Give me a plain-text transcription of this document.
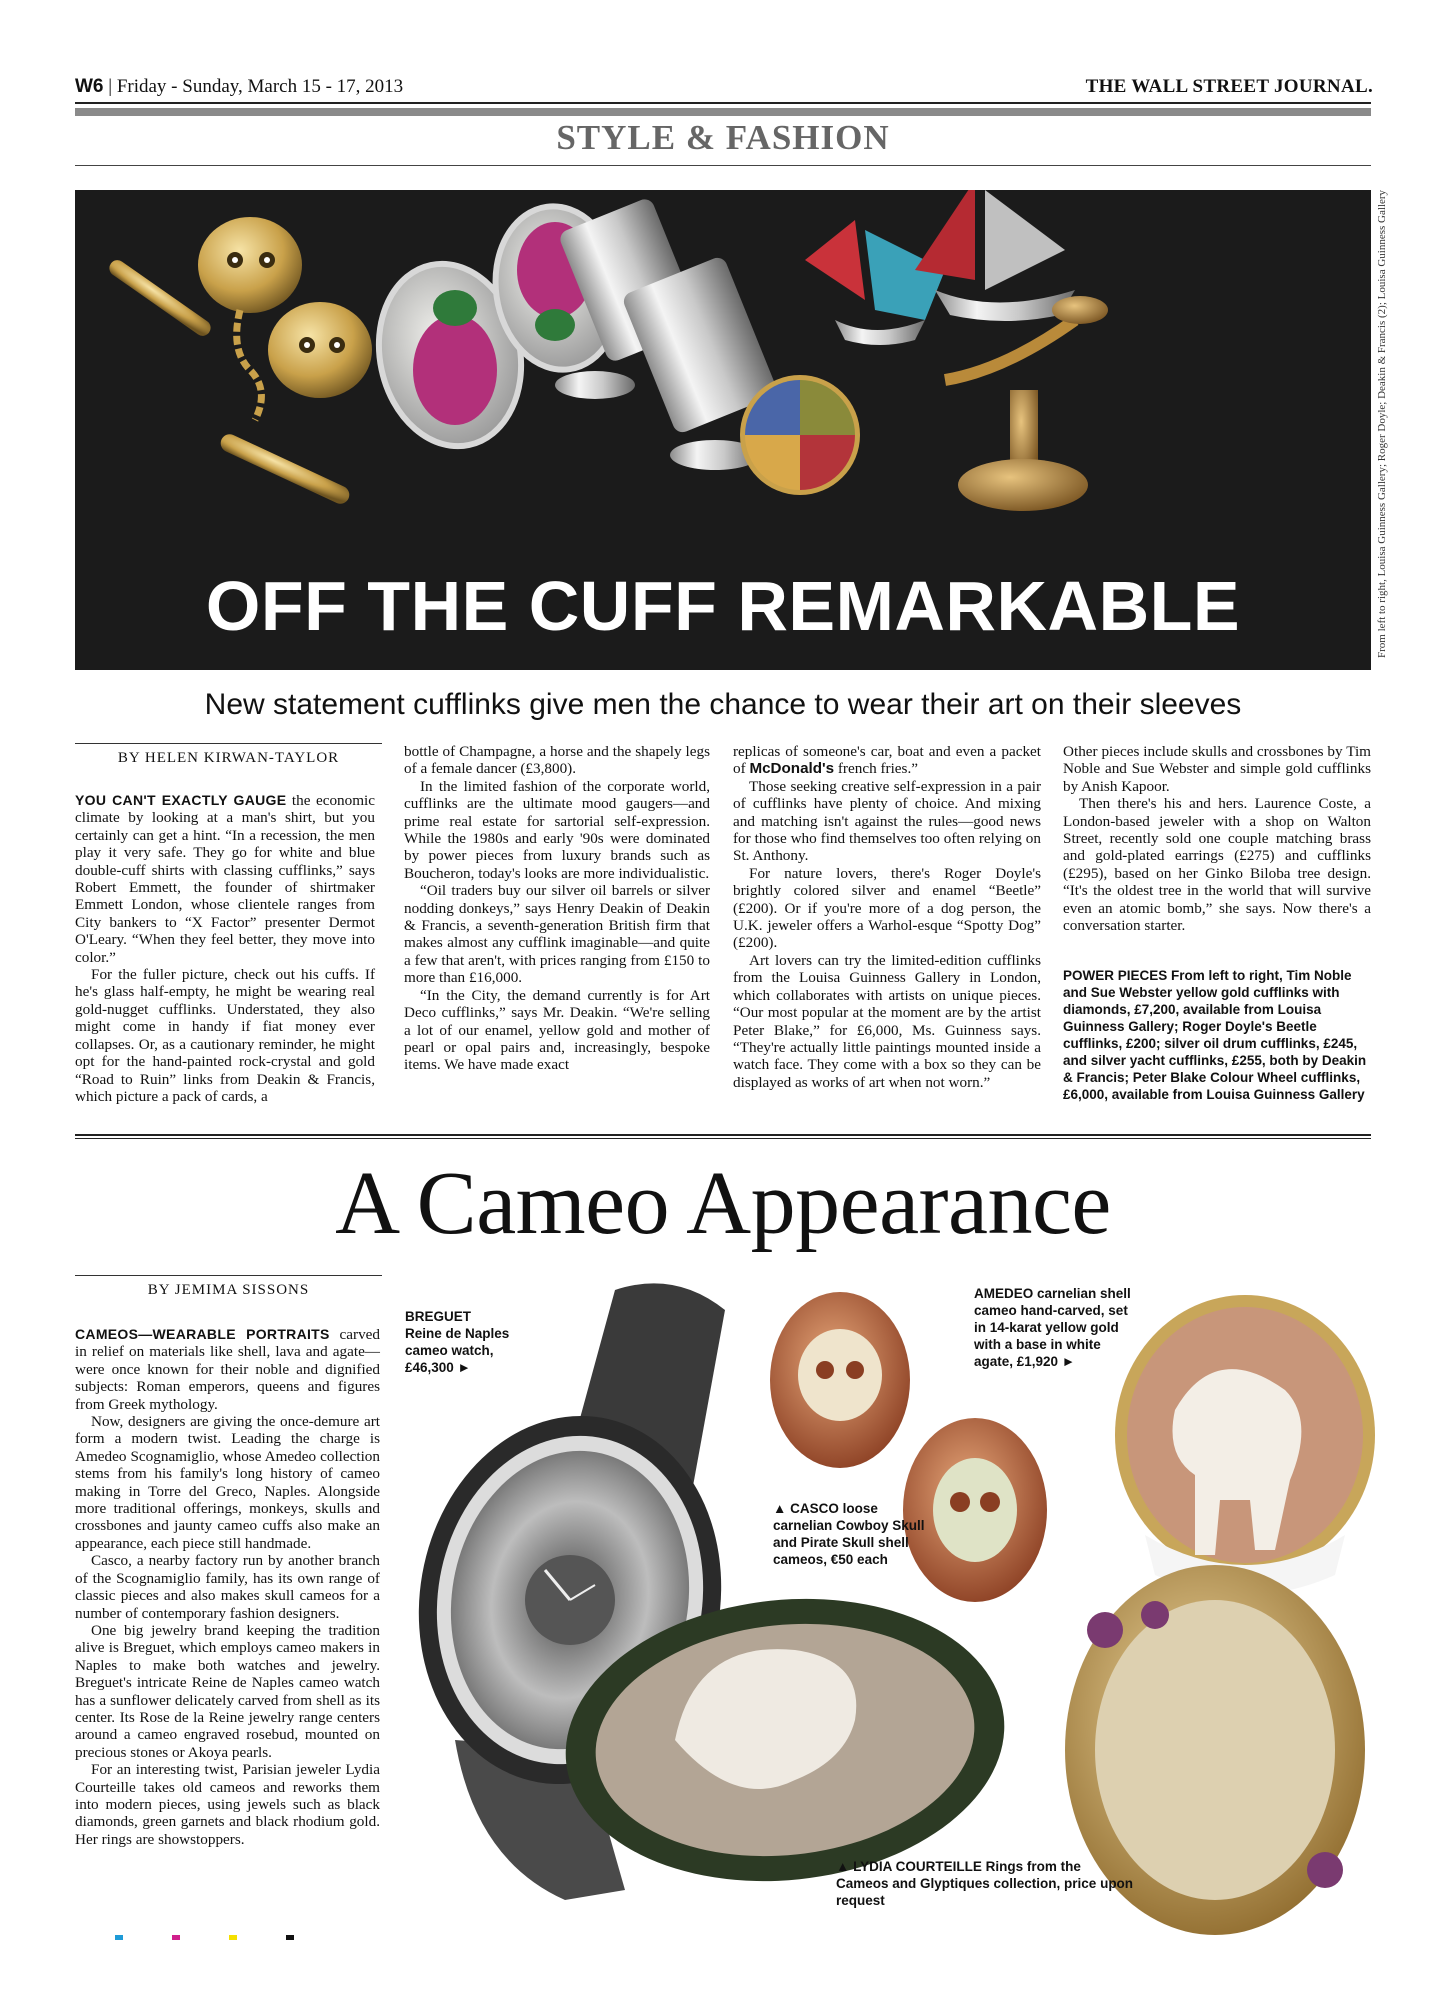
W6 | Friday - Sunday, March 15 - 17, 2013	THE WALL STREET JOURNAL.
STYLE & FASHION
From left to right, Louisa Guinness Gallery; Roger Doyle; Deakin & Francis (2); Louisa Guinness Gallery
OFF THE CUFF REMARKABLE
New statement cufflinks give men the chance to wear their art on their sleeves
BY HELEN KIRWAN-TAYLOR

YOU CAN'T EXACTLY GAUGE the economic climate by looking at a man's shirt, but you certainly can get a hint. “In a recession, the men play it very safe. They go for white and blue double-cuff shirts with classing cufflinks,” says Robert Emmett, the founder of shirtmaker Emmett London, whose clientele ranges from City bankers to “X Factor” presenter Dermot O'Leary. “When they feel better, they move into color.”

For the fuller picture, check out his cuffs. If he's glass half-empty, he might be wearing real gold-nugget cufflinks. Understated, they also might come in handy if fiat money ever collapses. Or, as a cautionary reminder, he might opt for the hand-painted rock-crystal and gold “Road to Ruin” links from Deakin & Francis, which picture a pack of cards, a

bottle of Champagne, a horse and the shapely legs of a female dancer (£3,800).

In the limited fashion of the corporate world, cufflinks are the ultimate mood gaugers—and prime real estate for sartorial self-expression. While the 1980s and early '90s were dominated by power pieces from luxury brands such as Boucheron, today's looks are more individualistic.

“Oil traders buy our silver oil barrels or silver nodding donkeys,” says Henry Deakin of Deakin & Francis, a seventh-generation British firm that makes almost any cufflink imaginable—and quite a few that aren't, with prices ranging from £150 to more than £16,000.

“In the City, the demand currently is for Art Deco cufflinks,” says Mr. Deakin. “We're selling a lot of our enamel, yellow gold and mother of pearl or opal pairs and, increasingly, bespoke items. We have made exact

replicas of someone's car, boat and even a packet of McDonald's french fries.”

Those seeking creative self-expression in a pair of cufflinks have plenty of choice. And mixing and matching isn't against the rules—good news for those who find themselves too often relying on St. Anthony.

For nature lovers, there's Roger Doyle's brightly colored silver and enamel “Beetle” (£200). Or if you're more of a dog person, the U.K. jeweler offers a Warhol-esque “Spotty Dog” (£200).

Art lovers can try the limited-edition cufflinks from the Louisa Guinness Gallery in London, which collaborates with artists on unique pieces. “Our most popular at the moment are by the artist Peter Blake,” for £6,000, Ms. Guinness says. “They're actually little paintings mounted inside a watch face. They come with a box so they can be displayed as works of art when not worn.”

Other pieces include skulls and crossbones by Tim Noble and Sue Webster and simple gold cufflinks by Anish Kapoor.

Then there's his and hers. Laurence Coste, a London-based jeweler with a shop on Walton Street, recently sold one couple matching brass and gold-plated earrings (£275) and cufflinks (£295), based on her Ginko Biloba tree design. “It's the oldest tree in the world that will survive even an atomic bomb,” she says. Now there's a conversation starter.

POWER PIECES From left to right, Tim Noble and Sue Webster yellow gold cufflinks with diamonds, £7,200, available from Louisa Guinness Gallery; Roger Doyle's Beetle cufflinks, £200; silver oil drum cufflinks, £245, and silver yacht cufflinks, £255, both by Deakin & Francis; Peter Blake Colour Wheel cufflinks, £6,000, available from Louisa Guinness Gallery
A Cameo Appearance
BY JEMIMA SISSONS

CAMEOS—WEARABLE PORTRAITS carved in relief on materials like shell, lava and agate—were once known for their noble and dignified subjects: Roman emperors, queens and figures from Greek mythology.

Now, designers are giving the once-demure art form a modern twist. Leading the charge is Amedeo Scognamiglio, whose Amedeo collection stems from his family's long history of cameo making in Torre del Greco, Naples. Alongside more traditional offerings, monkeys, skulls and crossbones and jaunty cameo cuffs also make an appearance, each piece still handmade.

Casco, a nearby factory run by another branch of the Scognamiglio family, has its own range of classic pieces and also makes skull cameos for a number of contemporary fashion designers.

One big jewelry brand keeping the tradition alive is Breguet, which employs cameo makers in Naples to make both watches and jewelry. Breguet's intricate Reine de Naples cameo watch has a sunflower delicately carved from shell as its center. Its Rose de la Reine jewelry range centers around a cameo engraved rosebud, mounted on precious stones or Akoya pearls.

For an interesting twist, Parisian jeweler Lydia Courteille takes old cameos and reworks them into modern pieces, using jewels such as black diamonds, green garnets and black rhodium gold. Her rings are showstoppers.

BREGUET
Reine de Naples cameo watch, £46,300 ►
AMEDEO carnelian shell cameo hand-carved, set in 14-karat yellow gold with a base in white agate, £1,920 ►
▲ CASCO loose carnelian Cowboy Skull and Pirate Skull shell cameos, €50 each
▲ LYDIA COURTEILLE Rings from the Cameos and Glyptiques collection, price upon request
